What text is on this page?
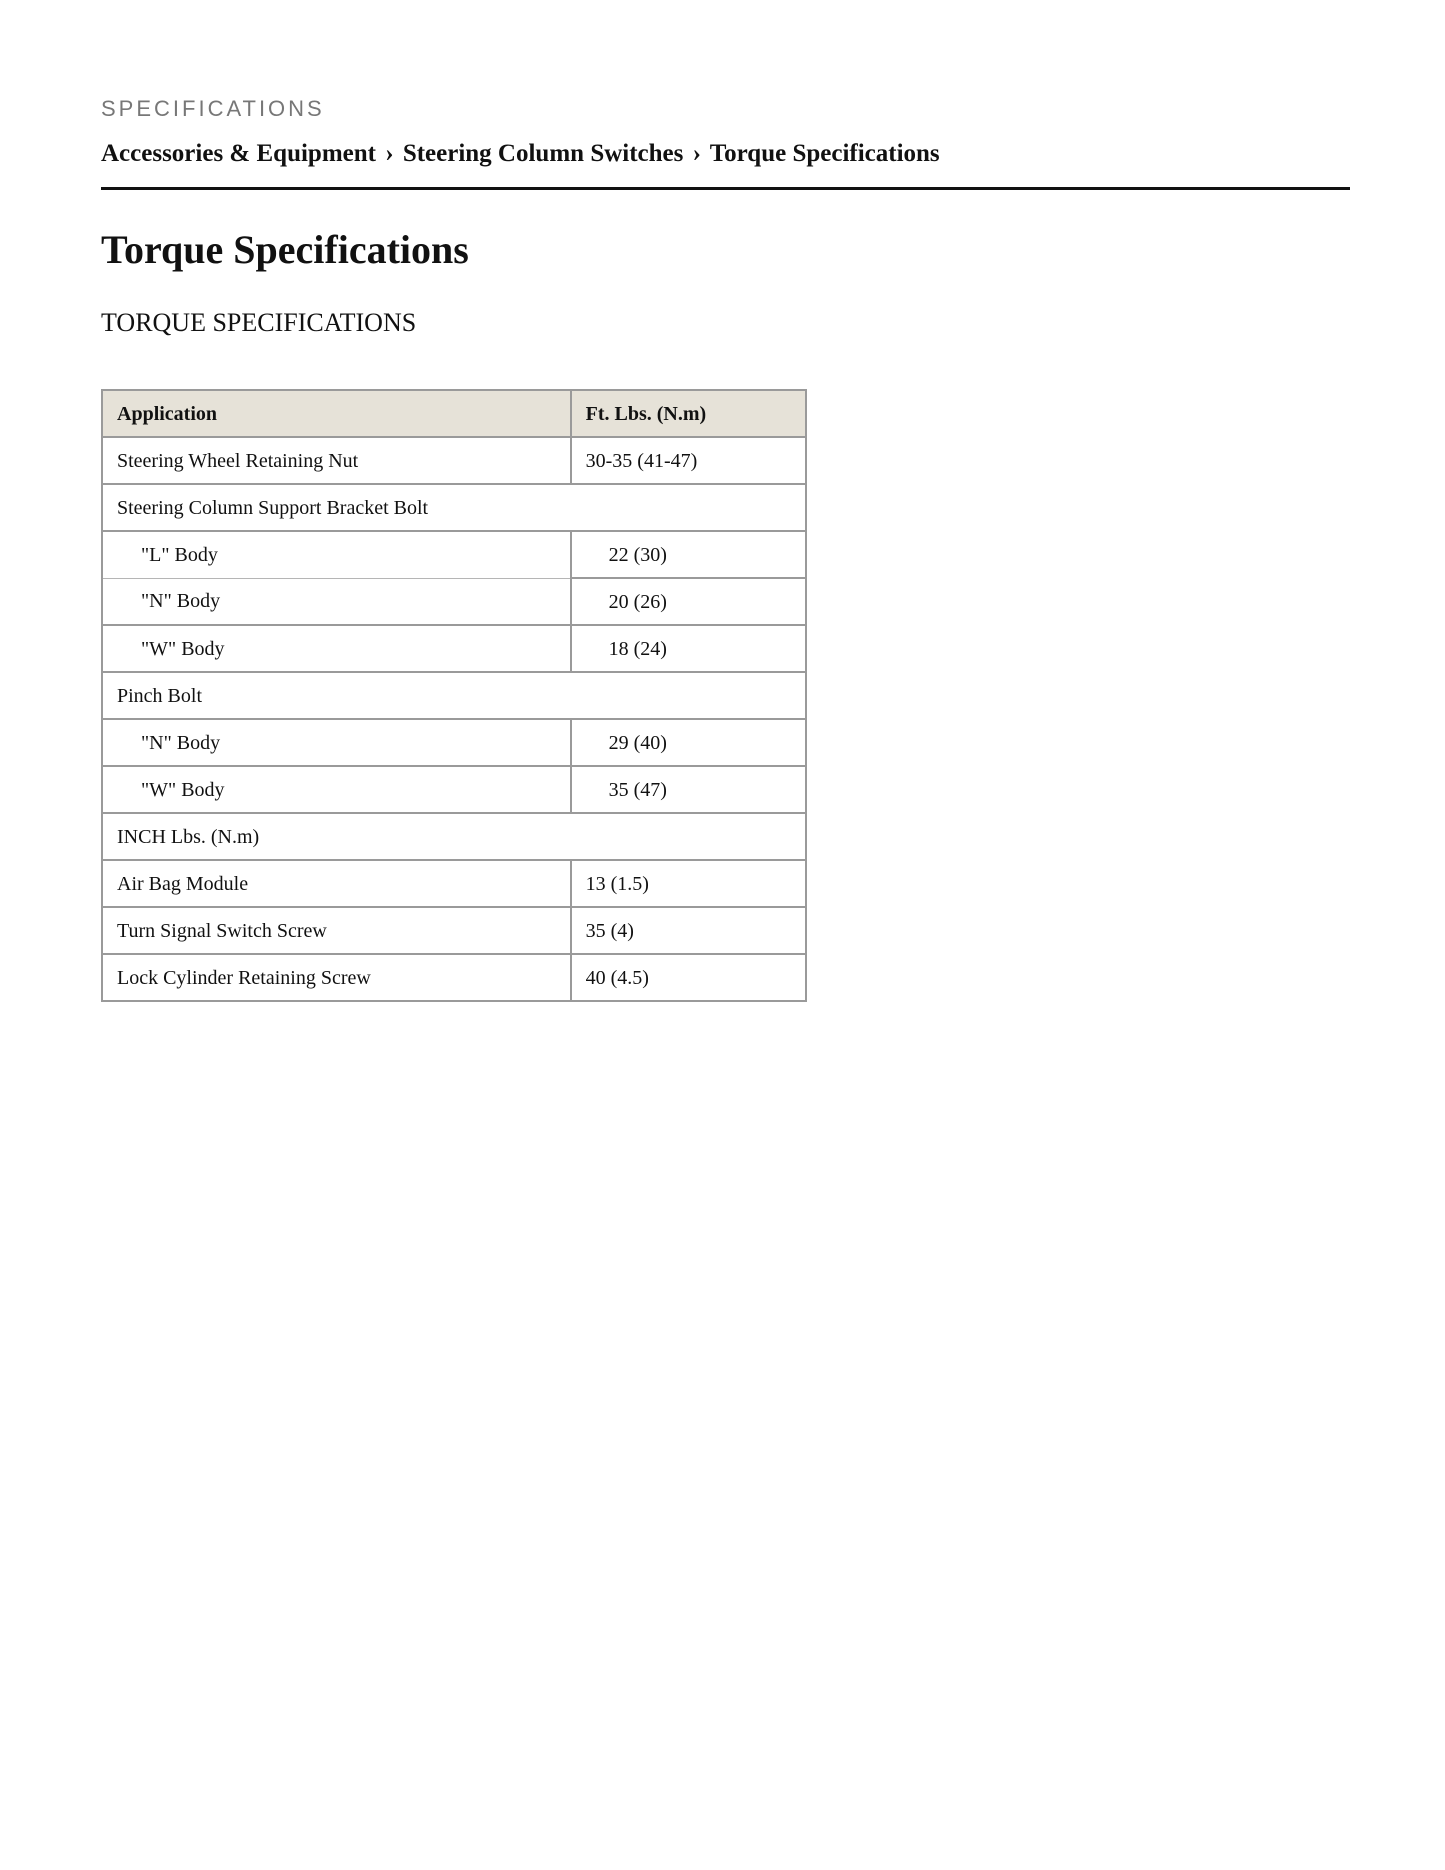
SPECIFICATIONS
Accessories & Equipment › Steering Column Switches › Torque Specifications
Torque Specifications
TORQUE SPECIFICATIONS
Application	Ft. Lbs. (N.m)
Steering Wheel Retaining Nut	30-35 (41-47)
Steering Column Support Bracket Bolt	
"L" Body	22 (30)
"N" Body	20 (26)
"W" Body	18 (24)
Pinch Bolt	
"N" Body	29 (40)
"W" Body	35 (47)
INCH Lbs. (N.m)	
Air Bag Module	13 (1.5)
Turn Signal Switch Screw	35 (4)
Lock Cylinder Retaining Screw	40 (4.5)
